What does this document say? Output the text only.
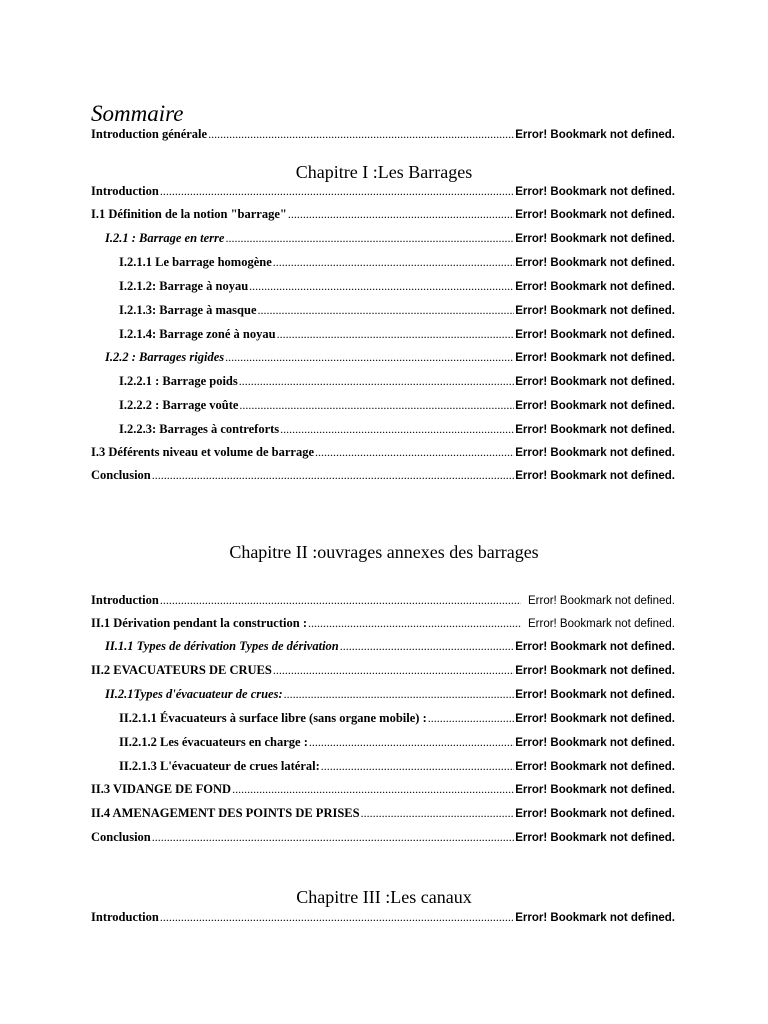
Sommaire
Introduction générale .....	Error! Bookmark not defined.
Chapitre I :Les Barrages
Introduction .....	Error! Bookmark not defined.
I.1 Définition de la notion "barrage" .....	Error! Bookmark not defined.
I.2.1 : Barrage en terre .....	Error! Bookmark not defined.
I.2.1.1 Le barrage homogène .....	Error! Bookmark not defined.
I.2.1.2: Barrage à noyau .....	Error! Bookmark not defined.
I.2.1.3: Barrage à masque .....	Error! Bookmark not defined.
I.2.1.4: Barrage zoné à noyau .....	Error! Bookmark not defined.
I.2.2 : Barrages rigides .....	Error! Bookmark not defined.
I.2.2.1 : Barrage poids .....	Error! Bookmark not defined.
I.2.2.2 : Barrage voûte .....	Error! Bookmark not defined.
I.2.2.3: Barrages à contreforts .....	Error! Bookmark not defined.
I.3 Déférents niveau et volume de barrage .....	Error! Bookmark not defined.
Conclusion .....	Error! Bookmark not defined.
Chapitre II :ouvrages annexes des barrages
Introduction .....	Error! Bookmark not defined.
II.1 Dérivation pendant la construction : .....	Error! Bookmark not defined.
II.1.1 Types de dérivation Types de dérivation .....	Error! Bookmark not defined.
II.2 EVACUATEURS DE CRUES .....	Error! Bookmark not defined.
II.2.1Types d'évacuateur de crues: .....	Error! Bookmark not defined.
II.2.1.1 Évacuateurs à surface libre (sans organe mobile) : .....	Error! Bookmark not defined.
II.2.1.2 Les évacuateurs en charge : .....	Error! Bookmark not defined.
II.2.1.3 L'évacuateur de crues latéral: .....	Error! Bookmark not defined.
II.3 VIDANGE DE FOND .....	Error! Bookmark not defined.
II.4 AMENAGEMENT DES POINTS DE PRISES .....	Error! Bookmark not defined.
Conclusion .....	Error! Bookmark not defined.
Chapitre III :Les canaux
Introduction .....	Error! Bookmark not defined.
